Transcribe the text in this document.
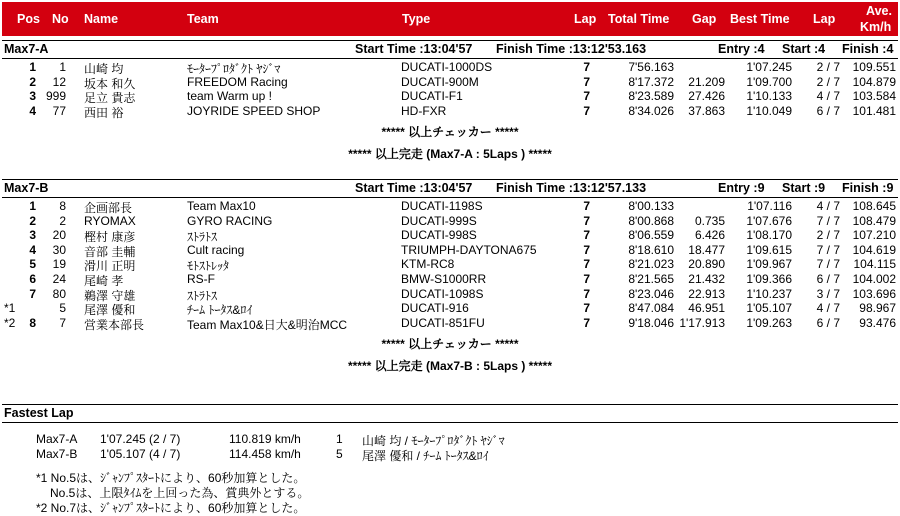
Pos No Name	Team	Type	Lap Total Time Gap Best Time Lap
Ave.
Km/h
Max7-A	Start Time :13:04'57 Finish Time :13:12'53.163	Entry :4 Start :4 Finish :4
1 1 山崎 均	ﾓｰﾀｰﾌﾟﾛﾀﾞｸﾄ ﾔｼﾞﾏ	DUCATI-1000DS	7	7'56.163	1'07.245 2 / 7 109.551
2 12 坂本 和久	FREEDOM Racing	DUCATI-900M	7	8'17.372 21.209 1'09.700 2 / 7 104.879
3 999 足立 貴志	team Warm up !	DUCATI-F1	7	8'23.589 27.426 1'10.133 4 / 7 103.584
4 77 西田 裕	JOYRIDE SPEED SHOP	HD-FXR	7	8'34.026 37.863 1'10.049 6 / 7 101.481
***** 以上チェッカー *****
***** 以上完走 (Max7-A : 5Laps ) *****
Max7-B	Start Time :13:04'57 Finish Time :13:12'57.133	Entry :9 Start :9 Finish :9
1 8 企画部長	Team Max10	DUCATI-1198S	7	8'00.133	1'07.116 4 / 7 108.645
2 2 RYOMAX	GYRO RACING	DUCATI-999S	7	8'00.868 0.735 1'07.676 7 / 7 108.479
3 20 樫村 康彦	ｽﾄﾗﾄｽ	DUCATI-998S	7	8'06.559 6.426 1'08.170 2 / 7 107.210
4 30 音部 圭輔	Cult racing	TRIUMPH-DAYTONA675	7	8'18.610 18.477 1'09.615 7 / 7 104.619
5 19 滑川 正明	ﾓﾄｽﾄﾚｯﾀ	KTM-RC8	7	8'21.023 20.890 1'09.967 7 / 7 104.115
6 24 尾崎 孝	RS-F	BMW-S1000RR	7	8'21.565 21.432 1'09.366 6 / 7 104.002
7 80 鵜澤 守雄	ｽﾄﾗﾄｽ	DUCATI-1098S	7	8'23.046 22.913 1'10.237 3 / 7 103.696
*1	5 尾澤 優和	ﾁｰﾑ ﾄｰﾀｽ&ﾛｲ	DUCATI-916	7	8'47.084 46.951 1'05.107 4 / 7 98.967
*2 8 7 営業本部長	Team Max10&日大&明治MCC	DUCATI-851FU	7	9'18.046 1'17.913 1'09.263 6 / 7 93.476
***** 以上チェッカー *****
***** 以上完走 (Max7-B : 5Laps ) *****
Fastest Lap
Max7-A 1'07.245 (2 / 7)	110.819 km/h	1 山崎 均 / ﾓｰﾀｰﾌﾟﾛﾀﾞｸﾄ ﾔｼﾞﾏ
Max7-B 1'05.107 (4 / 7)	114.458 km/h	5 尾澤 優和 / ﾁｰﾑ ﾄｰﾀｽ&ﾛｲ
*1 No.5は、ｼﾞｬﾝﾌﾟｽﾀｰﾄにより、60秒加算とした。
No.5は、上限ﾀｲﾑを上回った為、賞典外とする。
*2 No.7は、ｼﾞｬﾝﾌﾟｽﾀｰﾄにより、60秒加算とした。
